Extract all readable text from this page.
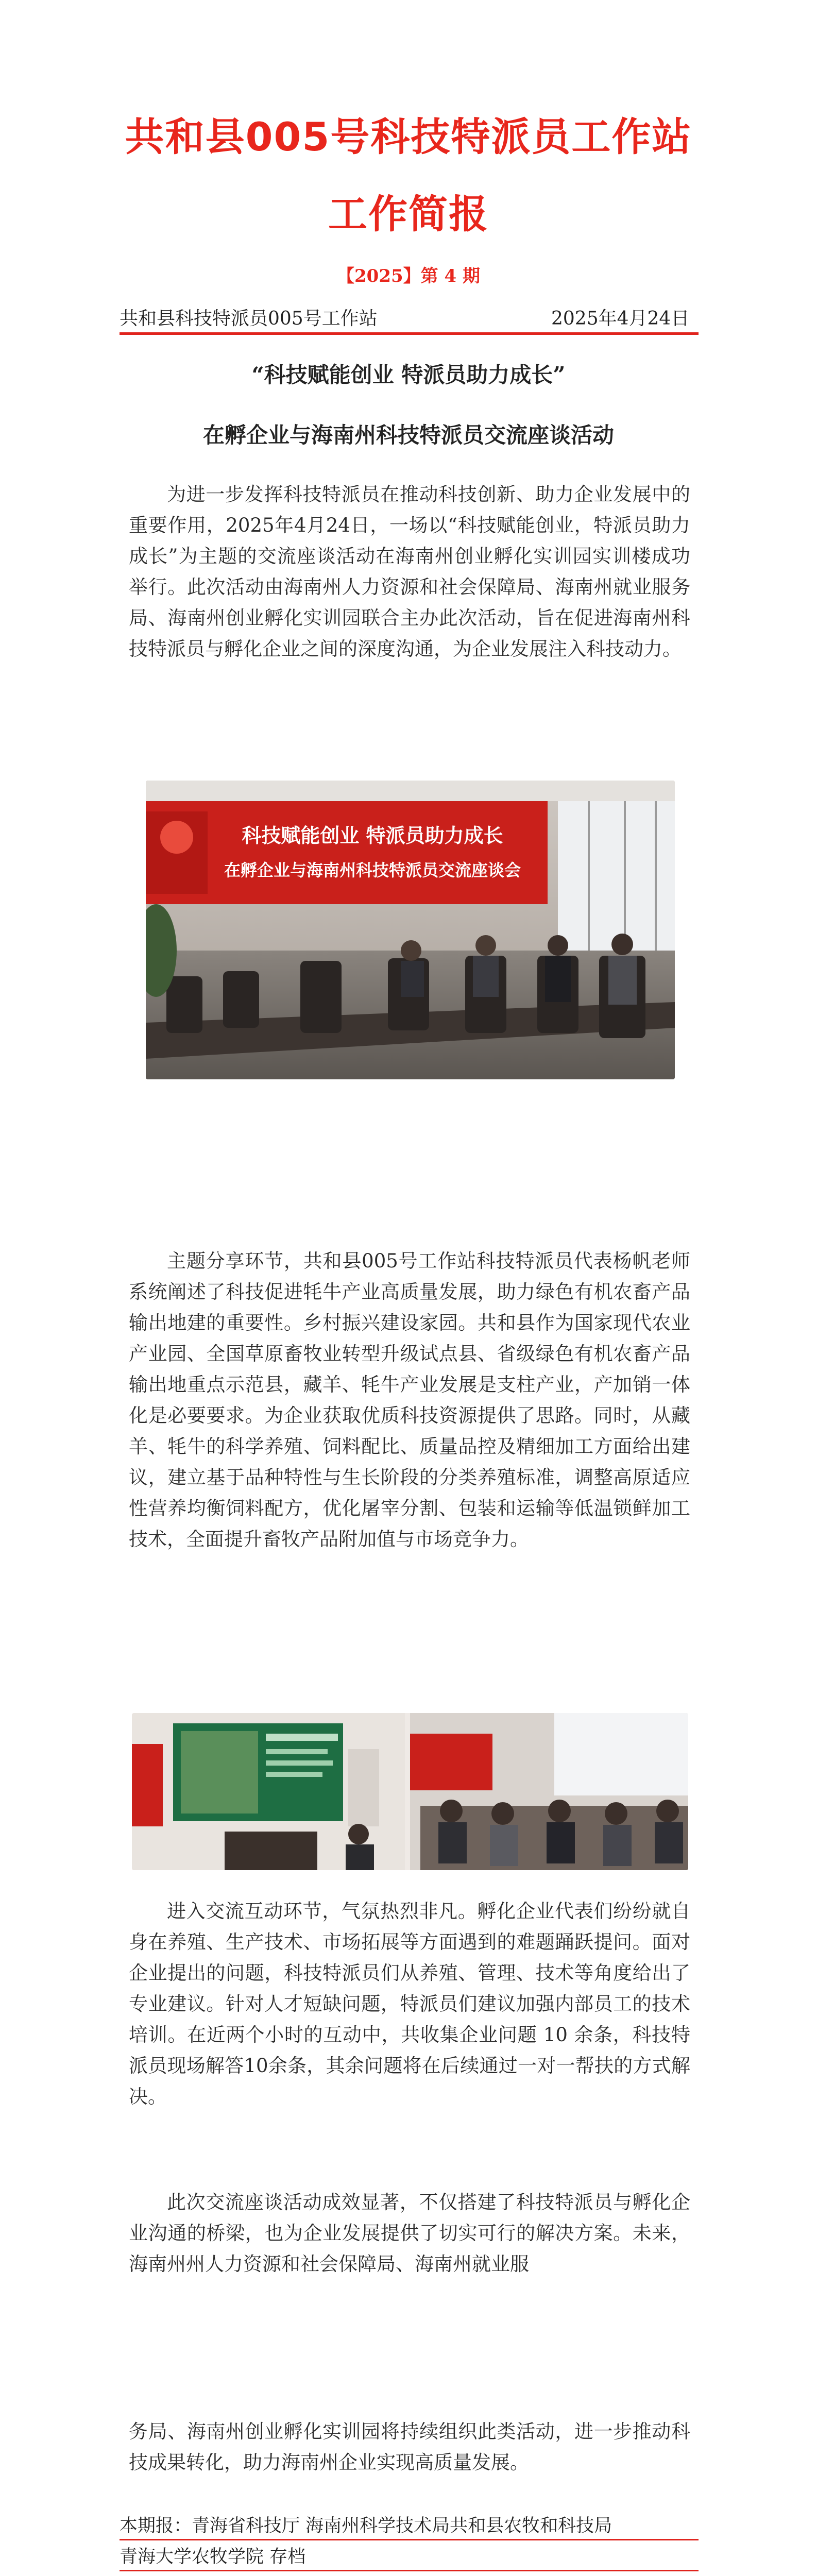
共和县005号科技特派员工作站
工作简报
【2025】第 4 期
共和县科技特派员005号工作站	2025年4月24日
“科技赋能创业 特派员助力成长”
在孵企业与海南州科技特派员交流座谈活动

为进一步发挥科技特派员在推动科技创新、助力企业发展中的重要作用，2025年4月24日，一场以“科技赋能创业，特派员助力成长”为主题的交流座谈活动在海南州创业孵化实训园实训楼成功举行。此次活动由海南州人力资源和社会保障局、海南州就业服务局、海南州创业孵化实训园联合主办此次活动，旨在促进海南州科技特派员与孵化企业之间的深度沟通，为企业发展注入科技动力。

科技赋能创业 特派员助力成长
在孵企业与海南州科技特派员交流座谈会

主题分享环节，共和县005号工作站科技特派员代表杨帆老师系统阐述了科技促进牦牛产业高质量发展，助力绿色有机农畜产品输出地建的重要性。乡村振兴建设家园。共和县作为国家现代农业产业园、全国草原畜牧业转型升级试点县、省级绿色有机农畜产品输出地重点示范县，藏羊、牦牛产业发展是支柱产业，产加销一体化是必要要求。为企业获取优质科技资源提供了思路。同时，从藏羊、牦牛的科学养殖、饲料配比、质量品控及精细加工方面给出建议，建立基于品种特性与生长阶段的分类养殖标准，调整高原适应性营养均衡饲料配方，优化屠宰分割、包装和运输等低温锁鲜加工技术，全面提升畜牧产品附加值与市场竞争力。

进入交流互动环节，气氛热烈非凡。孵化企业代表们纷纷就自身在养殖、生产技术、市场拓展等方面遇到的难题踊跃提问。面对企业提出的问题，科技特派员们从养殖、管理、技术等角度给出了专业建议。针对人才短缺问题，特派员们建议加强内部员工的技术培训。在近两个小时的互动中，共收集企业问题 10 余条，科技特派员现场解答10余条，其余问题将在后续通过一对一帮扶的方式解决。

此次交流座谈活动成效显著，不仅搭建了科技特派员与孵化企业沟通的桥梁，也为企业发展提供了切实可行的解决方案。未来，海南州州人力资源和社会保障局、海南州就业服

务局、海南州创业孵化实训园将持续组织此类活动，进一步推动科技成果转化，助力海南州企业实现高质量发展。

本期报：青海省科技厅 海南州科学技术局共和县农牧和科技局
青海大学农牧学院 存档
